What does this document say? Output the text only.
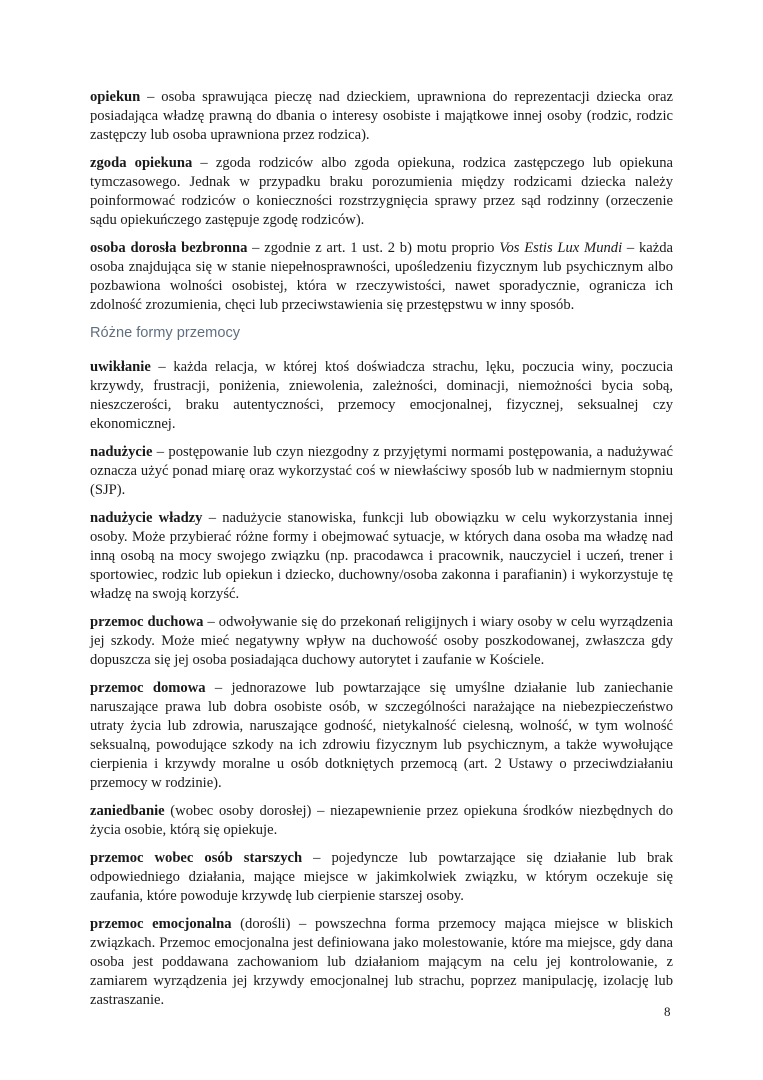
opiekun – osoba sprawująca pieczę nad dzieckiem, uprawniona do reprezentacji dziecka oraz posiadająca władzę prawną do dbania o interesy osobiste i majątkowe innej osoby (rodzic, rodzic zastępczy lub osoba uprawniona przez rodzica).

zgoda opiekuna – zgoda rodziców albo zgoda opiekuna, rodzica zastępczego lub opiekuna tymczasowego. Jednak w przypadku braku porozumienia między rodzicami dziecka należy poinformować rodziców o konieczności rozstrzygnięcia sprawy przez sąd rodzinny (orzeczenie sądu opiekuńczego zastępuje zgodę rodziców).

osoba dorosła bezbronna – zgodnie z art. 1 ust. 2 b) motu proprio Vos Estis Lux Mundi – każda osoba znajdująca się w stanie niepełnosprawności, upośledzeniu fizycznym lub psychicznym albo pozbawiona wolności osobistej, która w rzeczywistości, nawet sporadycznie, ogranicza ich zdolność zrozumienia, chęci lub przeciwstawienia się przestępstwu w inny sposób.

Różne formy przemocy

uwikłanie – każda relacja, w której ktoś doświadcza strachu, lęku, poczucia winy, poczucia krzywdy, frustracji, poniżenia, zniewolenia, zależności, dominacji, niemożności bycia sobą, nieszczerości, braku autentyczności, przemocy emocjonalnej, fizycznej, seksualnej czy ekonomicznej.

nadużycie – postępowanie lub czyn niezgodny z przyjętymi normami postępowania, a nadużywać oznacza użyć ponad miarę oraz wykorzystać coś w niewłaściwy sposób lub w nadmiernym stopniu (SJP).

nadużycie władzy – nadużycie stanowiska, funkcji lub obowiązku w celu wykorzystania innej osoby. Może przybierać różne formy i obejmować sytuacje, w których dana osoba ma władzę nad inną osobą na mocy swojego związku (np. pracodawca i pracownik, nauczyciel i uczeń, trener i sportowiec, rodzic lub opiekun i dziecko, duchowny/osoba zakonna i parafianin) i wykorzystuje tę władzę na swoją korzyść.

przemoc duchowa – odwoływanie się do przekonań religijnych i wiary osoby w celu wyrządzenia jej szkody. Może mieć negatywny wpływ na duchowość osoby poszkodowanej, zwłaszcza gdy dopuszcza się jej osoba posiadająca duchowy autorytet i zaufanie w Kościele.

przemoc domowa – jednorazowe lub powtarzające się umyślne działanie lub zaniechanie naruszające prawa lub dobra osobiste osób, w szczególności narażające na niebezpieczeństwo utraty życia lub zdrowia, naruszające godność, nietykalność cielesną, wolność, w tym wolność seksualną, powodujące szkody na ich zdrowiu fizycznym lub psychicznym, a także wywołujące cierpienia i krzywdy moralne u osób dotkniętych przemocą (art. 2 Ustawy o przeciwdziałaniu przemocy w rodzinie).

zaniedbanie (wobec osoby dorosłej) – niezapewnienie przez opiekuna środków niezbędnych do życia osobie, którą się opiekuje.

przemoc wobec osób starszych – pojedyncze lub powtarzające się działanie lub brak odpowiedniego działania, mające miejsce w jakimkolwiek związku, w którym oczekuje się zaufania, które powoduje krzywdę lub cierpienie starszej osoby.

przemoc emocjonalna (dorośli) – powszechna forma przemocy mająca miejsce w bliskich związkach. Przemoc emocjonalna jest definiowana jako molestowanie, które ma miejsce, gdy dana osoba jest poddawana zachowaniom lub działaniom mającym na celu jej kontrolowanie, z zamiarem wyrządzenia jej krzywdy emocjonalnej lub strachu, poprzez manipulację, izolację lub zastraszanie.

8
